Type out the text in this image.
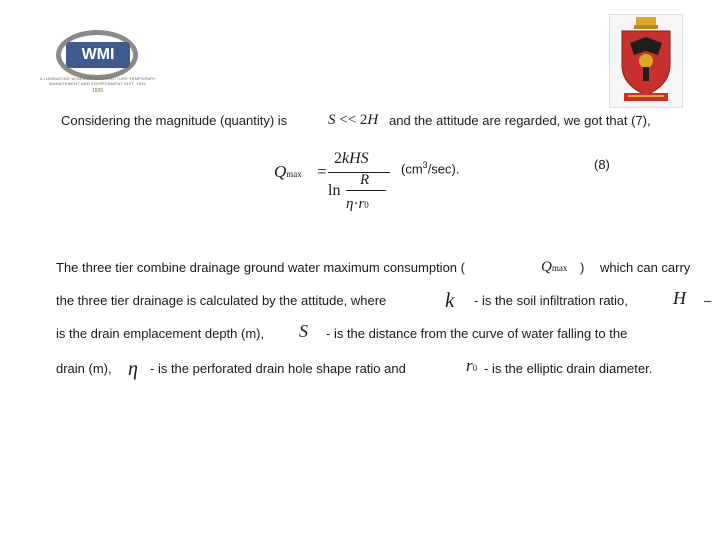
WMI
ILLUMINATING WINDOWS ARCHITECTURE TEMPORARY
MANAGEMENT AND ENVIRONMENT INST. 1926
1926
Considering the magnitude (quantity) is	S << 2H and the attitude are regarded, we got that (7),
Qmax =
2kHS
ln
R
η·r0
$(cm^3/\sec)$.	(8)
The three tier combine drainage ground water maximum consumption (	Qmax ) which can carry
the three tier drainage is calculated by the attitude, where	k - is the soil infiltration ratio,	H –
is the drain emplacement depth (m), S - is the distance from the curve of water falling to the
drain (m), η - is the perforated drain hole shape ratio and	r0 - is the elliptic drain diameter.
